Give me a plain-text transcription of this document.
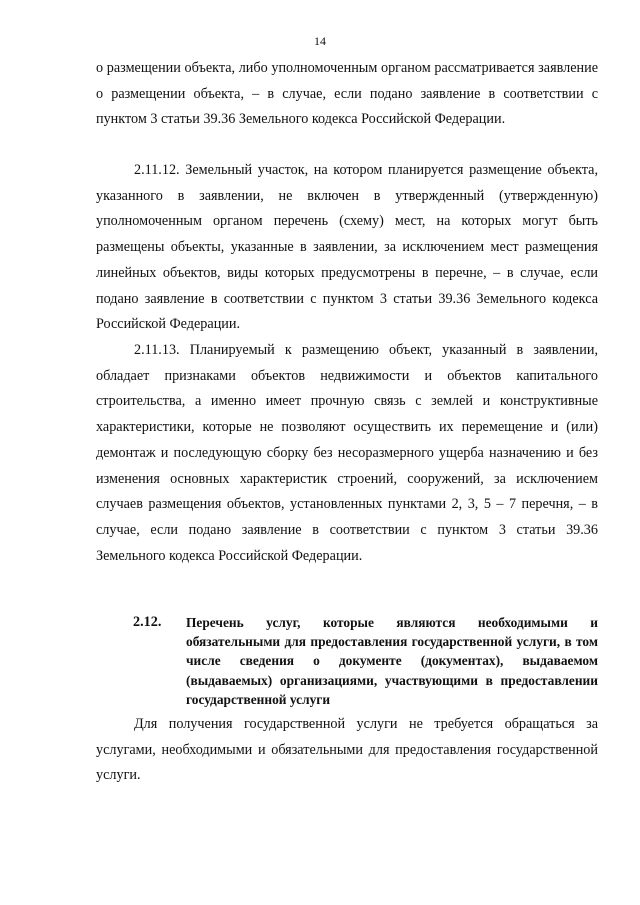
14

о размещении объекта, либо уполномоченным органом рассматривается заявление о размещении объекта, – в случае, если подано заявление в соответствии с пунктом 3 статьи 39.36 Земельного кодекса Российской Федерации.

2.11.12. Земельный участок, на котором планируется размещение объекта, указанного в заявлении, не включен в утвержденный (утвержденную) уполномоченным органом перечень (схему) мест, на которых могут быть размещены объекты, указанные в заявлении, за исключением мест размещения линейных объектов, виды которых предусмотрены в перечне, – в случае, если подано заявление в соответствии с пунктом 3 статьи 39.36 Земельного кодекса Российской Федерации.

2.11.13. Планируемый к размещению объект, указанный в заявлении, обладает признаками объектов недвижимости и объектов капитального строительства, а именно имеет прочную связь с землей и конструктивные характеристики, которые не позволяют осуществить их перемещение и (или) демонтаж и последующую сборку без несоразмерного ущерба назначению и без изменения основных характеристик строений, сооружений, за исключением случаев размещения объектов, установленных пунктами 2, 3, 5 – 7 перечня, – в случае, если подано заявление в соответствии с пунктом 3 статьи 39.36 Земельного кодекса Российской Федерации.

2.12. Перечень услуг, которые являются необходимыми и обязательными для предоставления государственной услуги, в том числе сведения о документе (документах), выдаваемом (выдаваемых) организациями, участвующими в предоставлении государственной услуги

Для получения государственной услуги не требуется обращаться за услугами, необходимыми и обязательными для предоставления государственной услуги.
